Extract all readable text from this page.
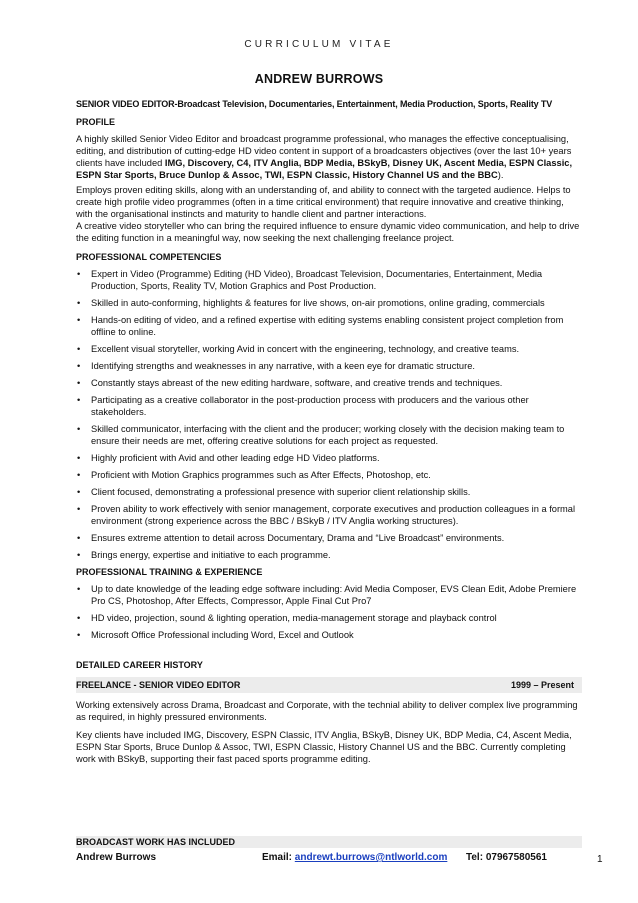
CURRICULUM VITAE
ANDREW BURROWS
SENIOR VIDEO EDITOR-Broadcast Television, Documentaries, Entertainment, Media Production, Sports, Reality TV
PROFILE
A highly skilled Senior Video Editor and broadcast programme professional, who manages the effective conceptualising, editing, and distribution of cutting-edge HD video content in support of a broadcasters objectives (over the last 10+ years clients have included IMG, Discovery, C4, ITV Anglia, BDP Media, BSkyB, Disney UK, Ascent Media, ESPN Classic, ESPN Star Sports, Bruce Dunlop & Assoc, TWI, ESPN Classic, History Channel US and the BBC).
Employs proven editing skills, along with an understanding of, and ability to connect with the targeted audience. Helps to create high profile video programmes (often in a time critical environment) that require innovative and creative thinking, with the organisational instincts and maturity to handle client and partner interactions.
A creative video storyteller who can bring the required influence to ensure dynamic video communication, and help to drive the editing function in a meaningful way, now seeking the next challenging freelance project.
PROFESSIONAL COMPETENCIES
• Expert in Video (Programme) Editing (HD Video), Broadcast Television, Documentaries, Entertainment, Media Production, Sports, Reality TV, Motion Graphics and Post Production.
• Skilled in auto-conforming, highlights & features for live shows, on-air promotions, online grading, commercials
• Hands-on editing of video, and a refined expertise with editing systems enabling consistent project completion from offline to online.
• Excellent visual storyteller, working Avid in concert with the engineering, technology, and creative teams.
• Identifying strengths and weaknesses in any narrative, with a keen eye for dramatic structure.
• Constantly stays abreast of the new editing hardware, software, and creative trends and techniques.
• Participating as a creative collaborator in the post-production process with producers and the various other stakeholders.
• Skilled communicator, interfacing with the client and the producer; working closely with the decision making team to ensure their needs are met, offering creative solutions for each project as requested.
• Highly proficient with Avid and other leading edge HD Video platforms.
• Proficient with Motion Graphics programmes such as After Effects, Photoshop, etc.
• Client focused, demonstrating a professional presence with superior client relationship skills.
• Proven ability to work effectively with senior management, corporate executives and production colleagues in a formal environment (strong experience across the BBC / BSkyB / ITV Anglia working structures).
• Ensures extreme attention to detail across Documentary, Drama and “Live Broadcast” environments.
• Brings energy, expertise and initiative to each programme.
PROFESSIONAL TRAINING & EXPERIENCE
• Up to date knowledge of the leading edge software including: Avid Media Composer, EVS Clean Edit, Adobe Premiere Pro CS, Photoshop, After Effects, Compressor, Apple Final Cut Pro7
• HD video, projection, sound & lighting operation, media-management storage and playback control
• Microsoft Office Professional including Word, Excel and Outlook
DETAILED CAREER HISTORY
FREELANCE - SENIOR VIDEO EDITOR	1999 – Present
Working extensively across Drama, Broadcast and Corporate, with the technial ability to deliver complex live programming as required, in highly pressured environments.
Key clients have included IMG, Discovery, ESPN Classic, ITV Anglia, BSkyB, Disney UK, BDP Media, C4, Ascent Media, ESPN Star Sports, Bruce Dunlop & Assoc, TWI, ESPN Classic, History Channel US and the BBC. Currently completing work with BSkyB, supporting their fast paced sports programme editing.
BROADCAST WORK HAS INCLUDED
Andrew Burrows	Email: andrewt.burrows@ntlworld.com Tel: 07967580561	1
